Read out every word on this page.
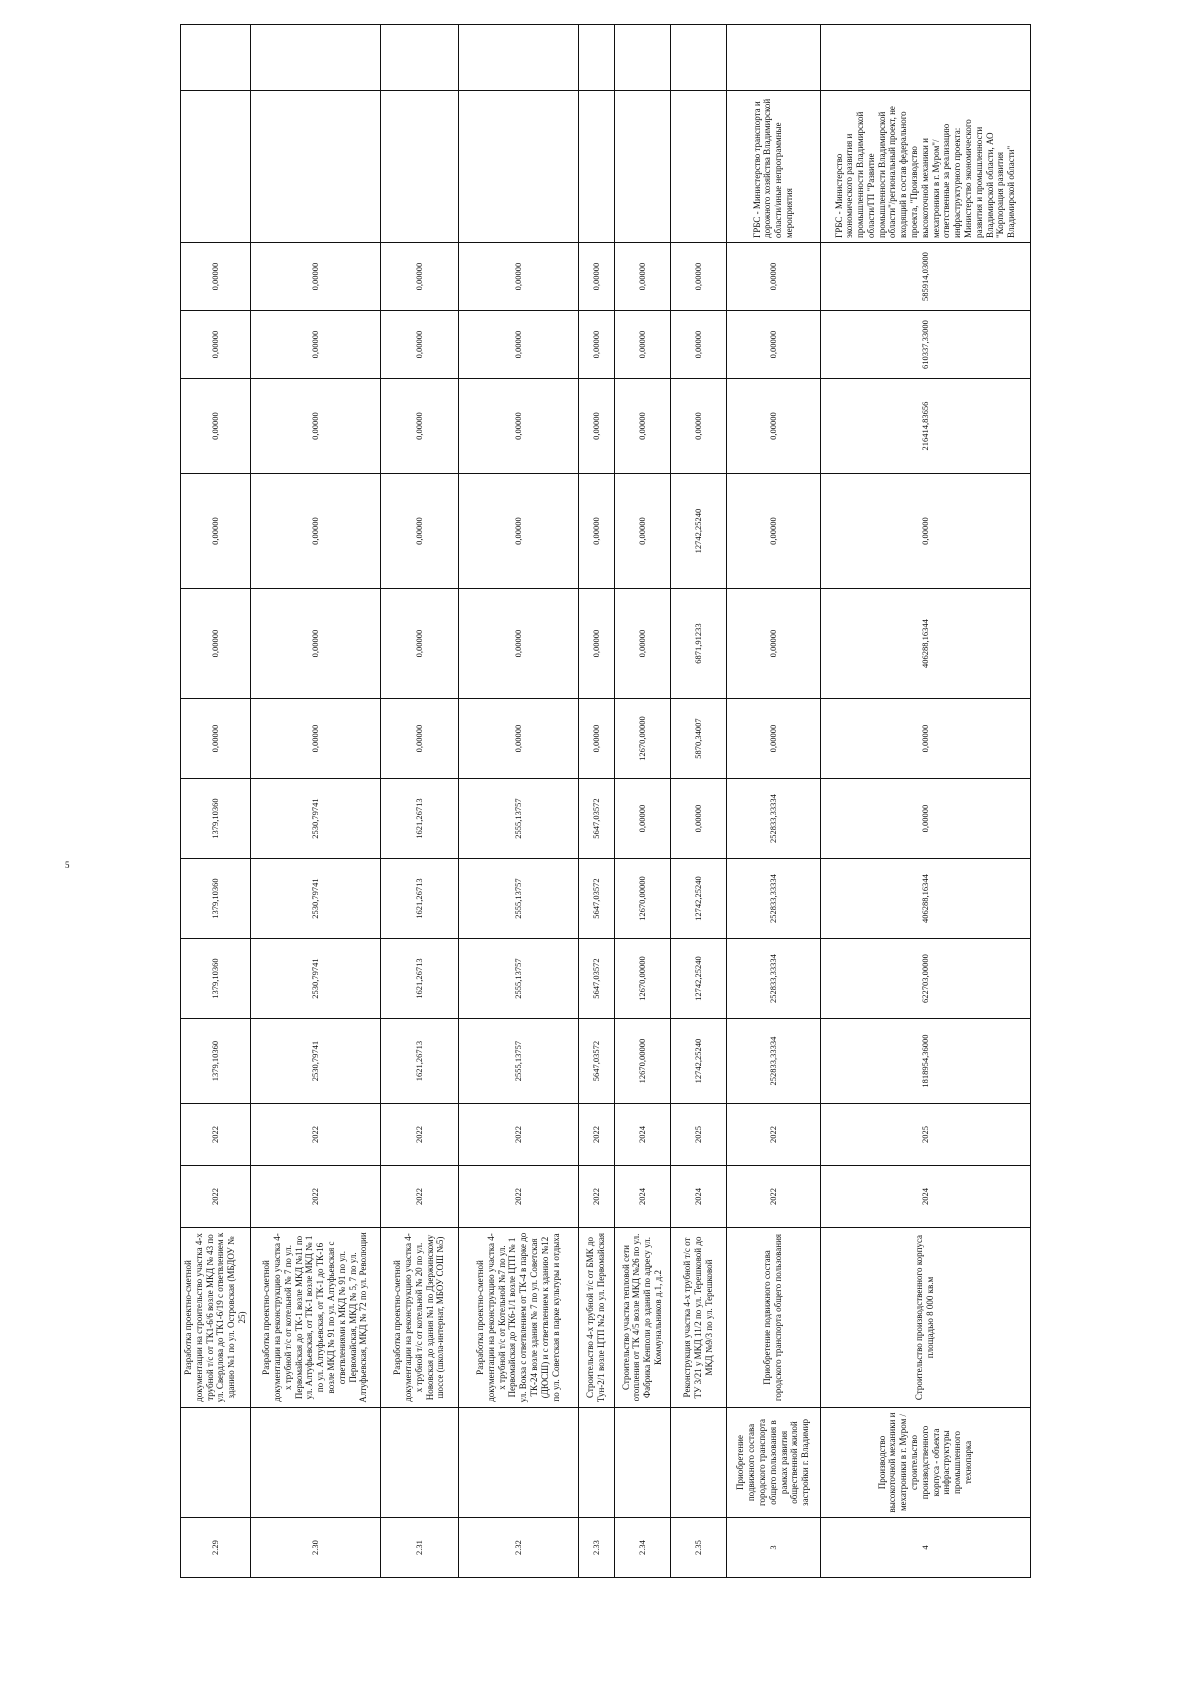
5
2.29		Разработка проектно-сметной документации на строительство участка 4-х трубной т/с от ТК1-6/6 возле МКД № 43 по ул. Свердлова до ТК1-6/19 с ответвлением к зданию №1 по ул. Островская (МБДОУ № 25)	2022	2022	1379,10360	1379,10360	1379,10360	1379,10360	0,00000	0,00000	0,00000	0,00000	0,00000	0,00000		
2.30		Разработка проектно-сметной документации на реконструкцию участка 4-х трубной т/с от котельной № 7 по ул. Первомайская до ТК-1 возле МКД №11 по ул. Алтуфьевская, от ТК-1 возле МКД № 1 по ул. Алтуфьевская, от ТК-1 до ТК-16 возле МКД № 91 по ул. Алтуфьевская с ответвлениями к МКД № 91 по ул. Первомайская, МКД № 5, 7 по ул. Алтуфьевская, МКД № 72 по ул. Революции	2022	2022	2530,79741	2530,79741	2530,79741	2530,79741	0,00000	0,00000	0,00000	0,00000	0,00000	0,00000		
2.31		Разработка проектно-сметной документации на реконструкцию участка 4-х трубной т/с от котельной № 20 по ул. Нововская до здания №1 по Дзержинскому шоссе (школа-интернат, МБОУ СОШ №5)	2022	2022	1621,26713	1621,26713	1621,26713	1621,26713	0,00000	0,00000	0,00000	0,00000	0,00000	0,00000		
2.32		Разработка проектно-сметной документации на реконструкцию участка 4-х трубной т/с от Котельной №7 по ул. Первомайская до ТК6-1/1 возле ЦТП № 1 ул. Вокза с ответвлением от ТК-4 в парке до ТК-24 возле здания № 7 по ул. Советская (ДЮСШ) и с ответвлением к зданию №12 по ул. Советская в парке культуры и отдыха	2022	2022	2555,13757	2555,13757	2555,13757	2555,13757	0,00000	0,00000	0,00000	0,00000	0,00000	0,00000		
2.33		Строительство 4-х трубной т/с от БМК до Тун-2/1 возле ЦТП №2 по ул. Первомайская	2022	2022	5647,03572	5647,03572	5647,03572	5647,03572	0,00000	0,00000	0,00000	0,00000	0,00000	0,00000		
2.34		Строительство участка тепловой сети отопления от ТК 4/5 возле МКД №26 по ул. Фабрика Кенполи до зданий по адресу ул. Коммунальников д.1, д.2	2024	2024	12670,00000	12670,00000	12670,00000	0,00000	12670,00000	0,00000	0,00000	0,00000	0,00000	0,00000		
2.35		Реконструкция участка 4-х трубной т/с от ТУ 3/21 у МКД 11/2 по ул. Терешковой до МКД №9/3 по ул. Терешковой	2024	2025	12742,25240	12742,25240	12742,25240	0,00000	5870,34007	6871,91233	12742,25240	0,00000	0,00000	0,00000		
3	Приобретение подвижного состава городского транспорта общего пользования в рамках развития общественной жилой застройки г. Владимир	Приобретение подвижного состава городского транспорта общего пользования	2022	2022	252833,33334	252833,33334	252833,33334	252833,33334	0,00000	0,00000	0,00000	0,00000	0,00000	0,00000	ГРБС - Министерство транспорта и дорожного хозяйства Владимирской области/иные непрограммные мероприятия	
4	Производство высокоточной механики и мехатроники в г. Муром / строительство производственного корпуса - объекта инфраструктуры промышленного технопарка	Строительство производственного корпуса площадью 8 000 кв.м	2024	2025	1818954,36000	622703,00000	406288,16344	0,00000	0,00000	406288,16344	0,00000	216414,83656	610337,33000	585914,03000	ГРБС - Министерство экономического развития и промышленности Владимирской области/ГП "Развитие промышленности Владимирской области"/региональный проект, не входящий в состав федерального проекта, "Производство высокоточной механики и мехатроники в г. Муром"/ответственные за реализацию инфраструктурного проекта: Министерство экономического развития и промышленности Владимирской области, АО "Корпорация развития Владимирской области"	
